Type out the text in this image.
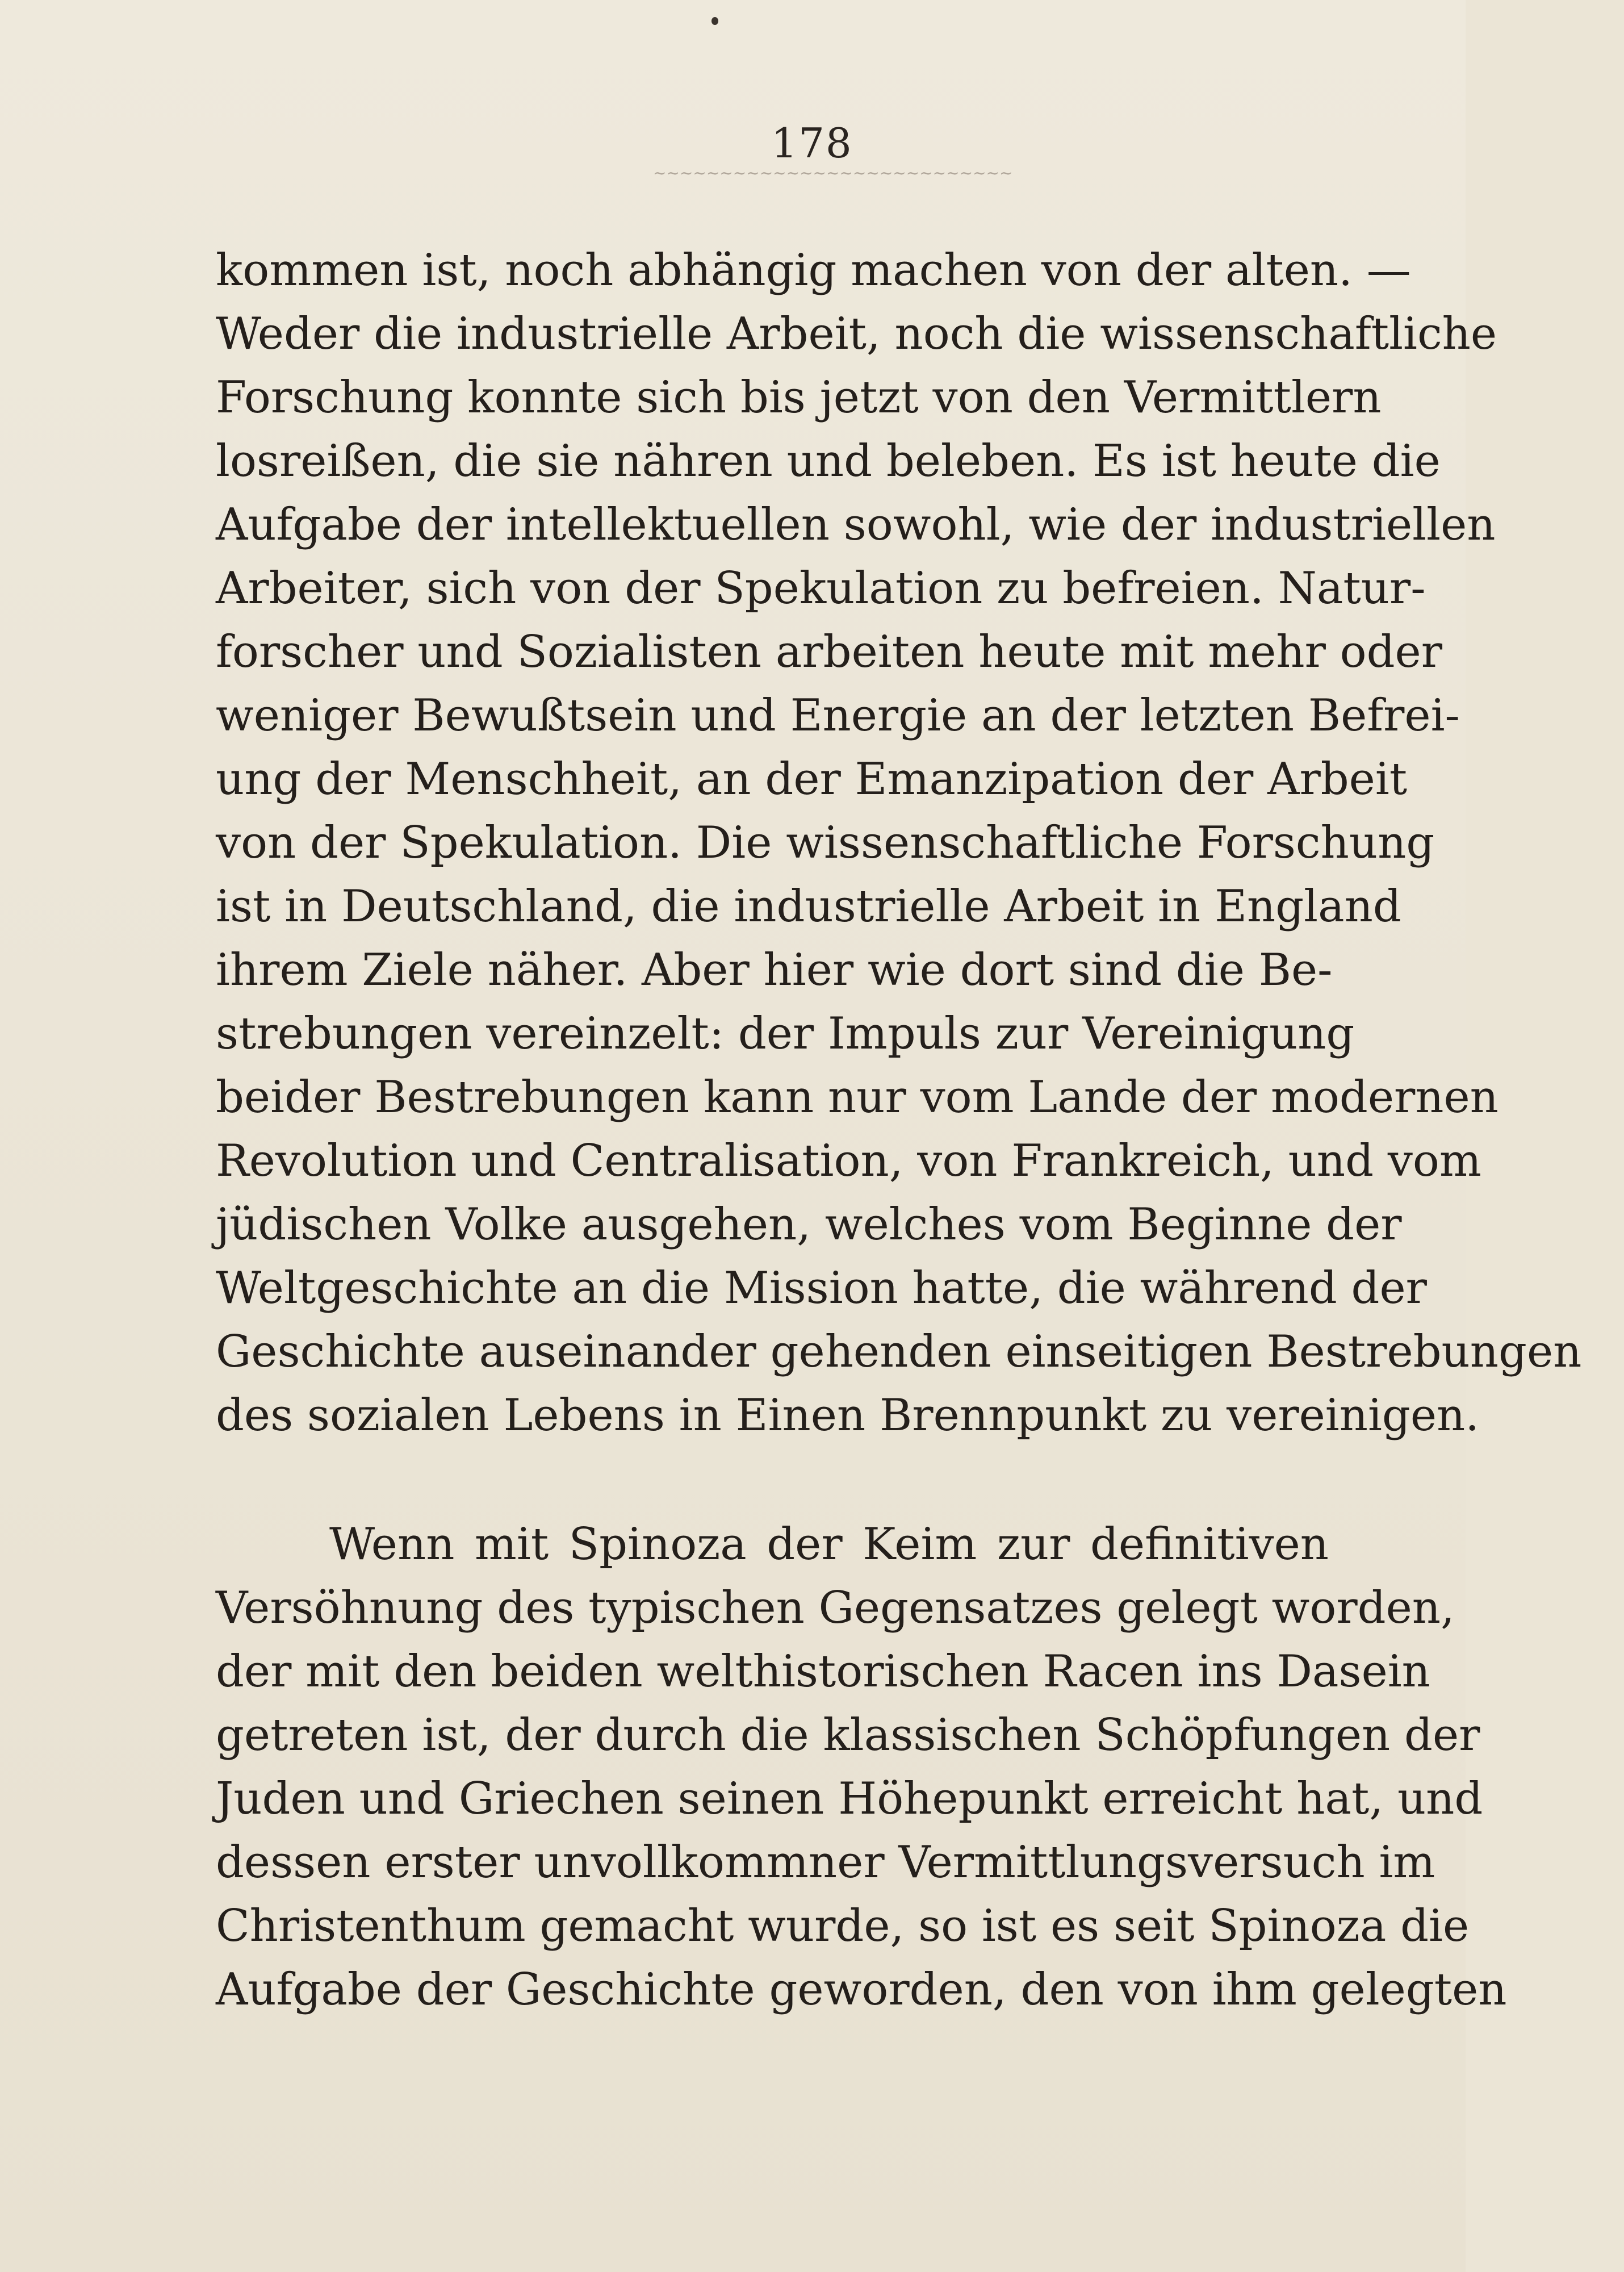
178
~~~~~~~~~~~~~~~~~~~~~~~~~~~
kommen ist, noch abhängig machen von der alten. —
Weder die industrielle Arbeit, noch die wissenschaftliche
Forschung konnte sich bis jetzt von den Vermittlern
losreißen, die sie nähren und beleben. Es ist heute die
Aufgabe der intellektuellen sowohl, wie der industriellen
Arbeiter, sich von der Spekulation zu befreien. Natur-
forscher und Sozialisten arbeiten heute mit mehr oder
weniger Bewußtsein und Energie an der letzten Befrei-
ung der Menschheit, an der Emanzipation der Arbeit
von der Spekulation. Die wissenschaftliche Forschung
ist in Deutschland, die industrielle Arbeit in England
ihrem Ziele näher. Aber hier wie dort sind die Be-
strebungen vereinzelt: der Impuls zur Vereinigung
beider Bestrebungen kann nur vom Lande der modernen
Revolution und Centralisation, von Frankreich, und vom
jüdischen Volke ausgehen, welches vom Beginne der
Weltgeschichte an die Mission hatte, die während der
Geschichte auseinander gehenden einseitigen Bestrebungen
des sozialen Lebens in Einen Brennpunkt zu vereinigen.
Wenn mit Spinoza der Keim zur definitiven
Versöhnung des typischen Gegensatzes gelegt worden,
der mit den beiden welthistorischen Racen ins Dasein
getreten ist, der durch die klassischen Schöpfungen der
Juden und Griechen seinen Höhepunkt erreicht hat, und
dessen erster unvollkommner Vermittlungsversuch im
Christenthum gemacht wurde, so ist es seit Spinoza die
Aufgabe der Geschichte geworden, den von ihm gelegten
